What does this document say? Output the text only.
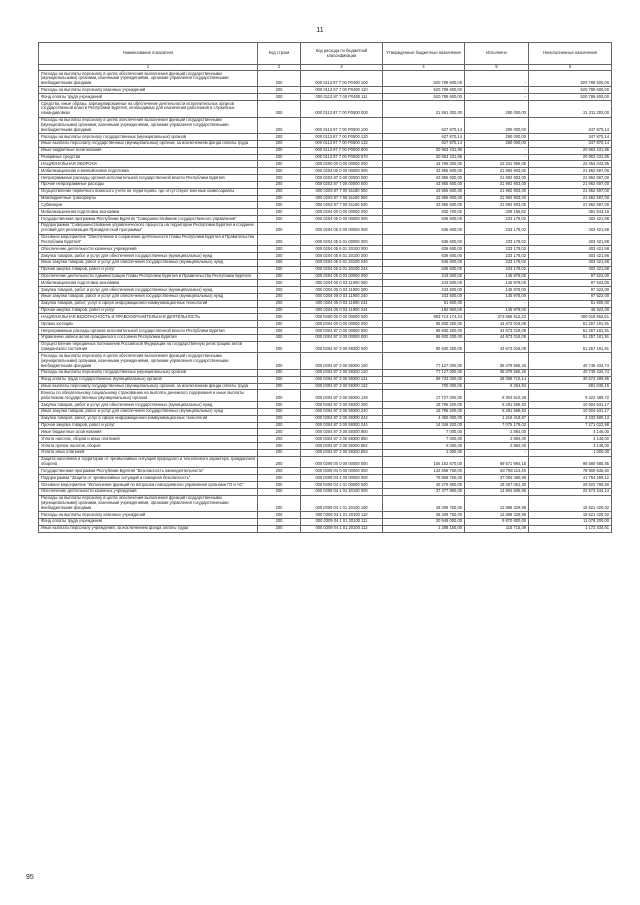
11
Наименование показателя	Код строки	Код расхода по бюджетной классификации	Утвержденные бюджетные назначения	Исполнено	Неисполненные назначения
1	2	3	4	5	6
Расходы на выплаты персоналу в целях обеспечения выполнения функций государственными (муниципальными) органами, казенными учреждениями, органами управления государственными внебюджетными фондами	200	000 0113 87 7 00 Р0490 100	520 789 600,00	-	520 789 600,00
Расходы на выплаты персоналу казенных учреждений	200	000 0113 87 7 00 Р0490 110	520 789 600,00	-	520 789 600,00
Фонд оплаты труда учреждений	200	000 0113 87 7 00 Р0490 111	520 789 600,00	-	520 789 600,00
Средства, иные образы, зарезервированные на обеспечение деятельности исполнительных органов государственной власти Республики Бурятия, необходимых для назначения работников в служебных командировках	200	000 0113 87 7 00 Р0500 000	21 591 302,00	280 000,00	21 311 302,00
Расходы на выплаты персоналу в целях обеспечения выполнения функций государственными (муниципальными) органами, казенными учреждениями, органами управления государственными внебюджетными фондами	200	000 0113 87 7 00 Р0500 100	627 870,14	280 000,00	347 870,14
Расходы на выплаты персоналу государственных (муниципальных) органов	200	000 0113 87 7 00 Р0500 120	627 870,14	280 000,00	347 870,14
Иные выплаты персоналу государственных (муниципальных) органов, за исключением фонда оплаты труда	200	000 0113 87 7 00 Р0500 122	627 870,14	280 000,00	347 870,14
Иные бюджетные ассигнования	200	000 0113 87 7 00 Р0500 800	20 963 431,86	-	20 963 431,86
Резервные средства	200	000 0113 87 7 00 Р0500 870	20 963 431,86	-	20 963 431,86
НАЦИОНАЛЬНАЯ ОБОРОНА	200	000 0200 00 0 00 00000 000	44 786 300,00	22 331 956,05	22 454 343,95
Мобилизационная и вневойсковая подготовка	200	000 0203 00 0 00 00000 000	43 955 600,00	21 992 903,00	21 962 697,00
Непрограммные расходы органов исполнительной государственной власти Республики Бурятия	200	000 0203 87 0 00 00000 000	43 955 600,00	21 992 903,00	21 962 697,00
Прочие непрограммные расходы	200	000 0203 87 7 00 00000 000	43 955 600,00	21 992 903,00	21 962 697,00
Осуществление первичного воинского учета на территориях, где отсутствуют военные комиссариаты	200	000 0203 87 7 00 51180 000	43 955 600,00	21 992 903,00	21 962 697,00
Межбюджетные трансферты	200	000 0203 87 7 00 51180 500	43 955 600,00	21 992 903,00	21 962 697,00
Субвенции	200	000 0203 87 7 00 51180 530	43 955 600,00	21 992 903,00	21 962 697,00
Мобилизационная подготовка экономики	200	000 0204 00 0 00 00000 000	830 700,00	339 156,82	491 543,18
Государственная программа Республики Бурятия "Совершенствование государственного управления"	200	000 0204 05 0 00 00000 000	636 600,00	233 178,02	403 421,98
Подпрограмма "Совершенствование управленческого процесса на территории Республики Бурятия и создание условий для реализации Президентской программы"	200	000 0204 05 6 00 00000 000	636 600,00	233 178,02	403 421,98
Основное мероприятие "Обеспечение в сохранение деятельности Главы Республики Бурятия и Правительства Республики Бурятия"	200	000 0204 05 6 01 00000 000	636 600,00	233 178,02	403 421,98
Обеспечение деятельности казенных учреждений	200	000 0204 05 6 01 20100 000	636 600,00	233 178,02	403 421,98
Закупка товаров, работ и услуг для обеспечения государственных (муниципальных) нужд	200	000 0204 05 6 01 20100 200	636 600,00	233 178,02	403 421,98
Иные закупки товаров, работ и услуг для обеспечения государственных (муниципальных) нужд	200	000 0204 05 6 01 20100 240	636 600,00	233 178,02	403 421,98
Прочая закупка товаров, работ и услуг	200	000 0204 05 6 01 20100 244	636 600,00	233 178,02	403 421,98
Обеспечение деятельности Администрации Главы Республики Бурятия и Правительства Республики Бурятия	200	000 0204 05 0 03 00000 000	243 500,00	145 978,00	97 522,00
Мобилизационная подготовка экономики	200	000 0204 05 0 03 11900 000	243 500,00	145 978,00	97 522,00
Закупка товаров, работ и услуг для обеспечения государственных (муниципальных) нужд	200	000 0204 05 0 03 11900 200	243 500,00	145 978,00	97 522,00
Иные закупки товаров, работ и услуг для обеспечения государственных (муниципальных) нужд	200	000 0204 05 0 03 11900 240	243 500,00	145 978,00	97 522,00
Закупка товаров, работ, услуг в сфере информационно-коммуникационных технологий	200	000 0204 05 0 03 11900 242	51 600,00	-	51 600,00
Прочая закупка товаров, работ и услуг	200	000 0204 05 0 03 11900 244	192 900,00	145 978,00	46 922,00
НАЦИОНАЛЬНАЯ БЕЗОПАСНОСТЬ И ПРАВООХРАНИТЕЛЬНАЯ ДЕЯТЕЛЬНОСТЬ	200	000 0300 00 0 00 00000 000	863 714 174,34	373 695 512,23	490 018 662,61
Органы юстиции	200	000 0304 00 0 00 00000 000	95 830 200,00	44 673 018,09	51 257 181,91
Непрограммные расходы органов исполнительной государственной власти Республики Бурятия	200	000 0304 87 0 00 00000 000	95 930 200,00	44 673 018,09	51 257 181,91
Управление записи актов гражданского состояния Республики Бурятия	200	000 0304 87 3 00 00000 000	95 930 200,00	44 673 018,09	51 257 181,91
Осуществление переданных полномочий Российской Федерации на государственную регистрацию актов гражданского состояния	200	000 0304 87 3 00 59300 000	95 930 200,00	44 673 018,09	51 257 181,91
Расходы на выплаты персоналу в целях обеспечения выполнения функций государственными (муниципальными) органами, казенными учреждениями, органами управления государственными внебюджетными фондами	200	000 0304 87 3 00 59300 100	77 127 000,00	36 378 565,26	40 748 434,74
Расходы на выплаты персоналу государственных (муниципальных) органов	200	000 0304 87 3 00 59300 120	77 127 000,00	36 378 565,26	40 748 434,74
Фонд оплаты труда государственных (муниципальных) органов	200	000 0304 87 3 00 59300 121	58 733 000,00	28 058 710,14	30 674 289,86
Иные выплаты персоналу государственных (муниципальных) органов, за исключением фонда оплаты труда	200	000 0304 87 3 00 59300 122	700 000,00	8 364,84	691 635,16
Взносы по обязательному социальному страхованию на выплаты денежного содержания и иные выплаты работникам государственных (муниципальных) органов	200	000 0304 87 3 00 59300 129	17 727 000,00	8 304 510,28	9 422 489,72
Закупка товаров, работ и услуг для обеспечения государственных (муниципальных) нужд	200	000 0304 87 3 00 59300 200	18 796 200,00	8 291 568,83	10 504 631,17
Иные закупки товаров, работ и услуг для обеспечения государственных (муниципальных) нужд	200	000 0304 87 3 00 59300 240	18 796 200,00	8 291 568,83	10 504 631,17
Закупка товаров, работ, услуг в сфере информационно-коммуникационных технологий	200	000 0304 87 3 00 59300 242	4 450 000,00	1 216 419,87	3 233 580,13
Прочая закупка товаров, работ и услуг	200	000 0304 87 3 00 59300 244	14 346 200,00	7 075 178,02	7 271 022,98
Иные бюджетные ассигнования	200	000 0304 87 3 00 59300 800	7 000,00	2 884,00	4 146,00
Уплата налогов, сборов и иных платежей	200	000 0304 87 3 00 59300 850	7 000,00	2 884,00	4 146,00
Уплата прочих налогов, сборов	200	000 0304 87 3 00 59300 852	6 000,00	2 884,00	3 146,00
Уплата иных платежей	200	000 0304 87 3 00 59300 853	1 000,00	-	1 000,00
Защита населения и территории от чрезвычайных ситуаций природного и техногенного характера, гражданская оборона	200	000 0309 00 0 00 00000 000	165 152 670,00	69 571 984,15	95 580 685,85
Государственная программа Республики Бурятия "Безопасность жизнедеятельности"	200	000 0309 04 0 00 00000 000	142 658 750,00	63 758 114,40	78 900 635,60
Подпрограмма "Защита от чрезвычайных ситуаций и пожарная безопасность"	200	000 0309 04 1 00 00000 000	78 858 750,00	37 094 480,88	41 764 269,12
Основное мероприятие "Исполнение функций по вопросам повседневного управления органами ГО и ЧС"	200	000 0309 04 1 01 00000 000	45 279 850,00	18 457 061,40	26 822 788,60
Обеспечение деятельности казенных учреждений	200	000 0309 04 1 01 20100 000	37 477 850,00	14 904 605,86	22 573 244,14
Расходы на выплаты персоналу в целях обеспечения выполнения функций государственными (муниципальными) органами, казенными учреждениями, органами управления государственными внебюджетными фондами	200	000 0309 04 1 01 20100 100	28 409 750,00	12 888 329,98	15 521 420,02
Расходы на выплаты персоналу казенных учреждений	200	000 0309 04 1 01 20100 110	28 409 750,00	12 888 329,98	15 521 420,02
Фонд оплаты труда учреждений	200	000 0309 04 1 01 20100 111	20 949 000,00	9 870 800,00	11 078 200,00
Иные выплаты персоналу учреждений, за исключением фонда оплаты труда	200	000 0309 04 1 01 20100 112	1 288 150,00	115 715,39	1 172 434,61
95
